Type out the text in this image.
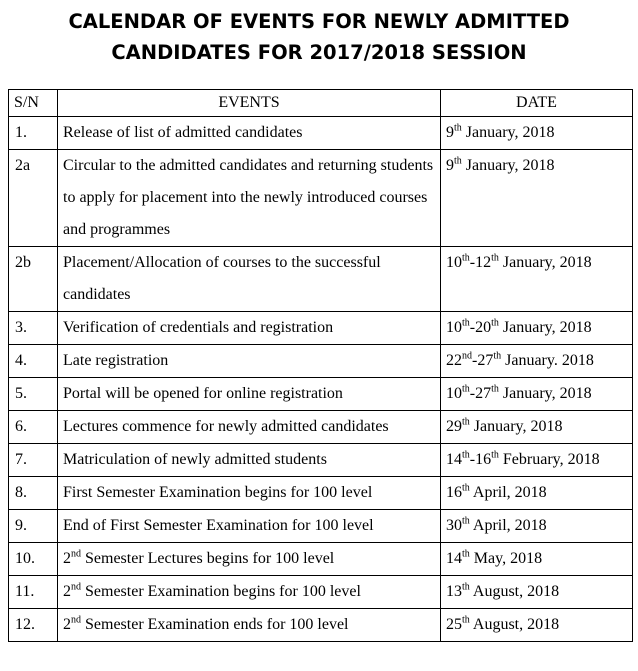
CALENDAR OF EVENTS FOR NEWLY ADMITTED
CANDIDATES FOR 2017/2018 SESSION
S/N	EVENTS	DATE
1.	Release of list of admitted candidates	9th January, 2018
2a	Circular to the admitted candidates and returning students to apply for placement into the newly introduced courses and programmes	9th January, 2018
2b	Placement/Allocation of courses to the successful candidates	10th-12th January, 2018
3.	Verification of credentials and registration	10th-20th January, 2018
4.	Late registration	22nd-27th January. 2018
5.	Portal will be opened for online registration	10th-27th January, 2018
6.	Lectures commence for newly admitted candidates	29th January, 2018
7.	Matriculation of newly admitted students	14th-16th February, 2018
8.	First Semester Examination begins for 100 level	16th April, 2018
9.	End of First Semester Examination for 100 level	30th April, 2018
10.	2nd Semester Lectures begins for 100 level	14th May, 2018
11.	2nd Semester Examination begins for 100 level	13th August, 2018
12.	2nd Semester Examination ends for 100 level	25th August, 2018
